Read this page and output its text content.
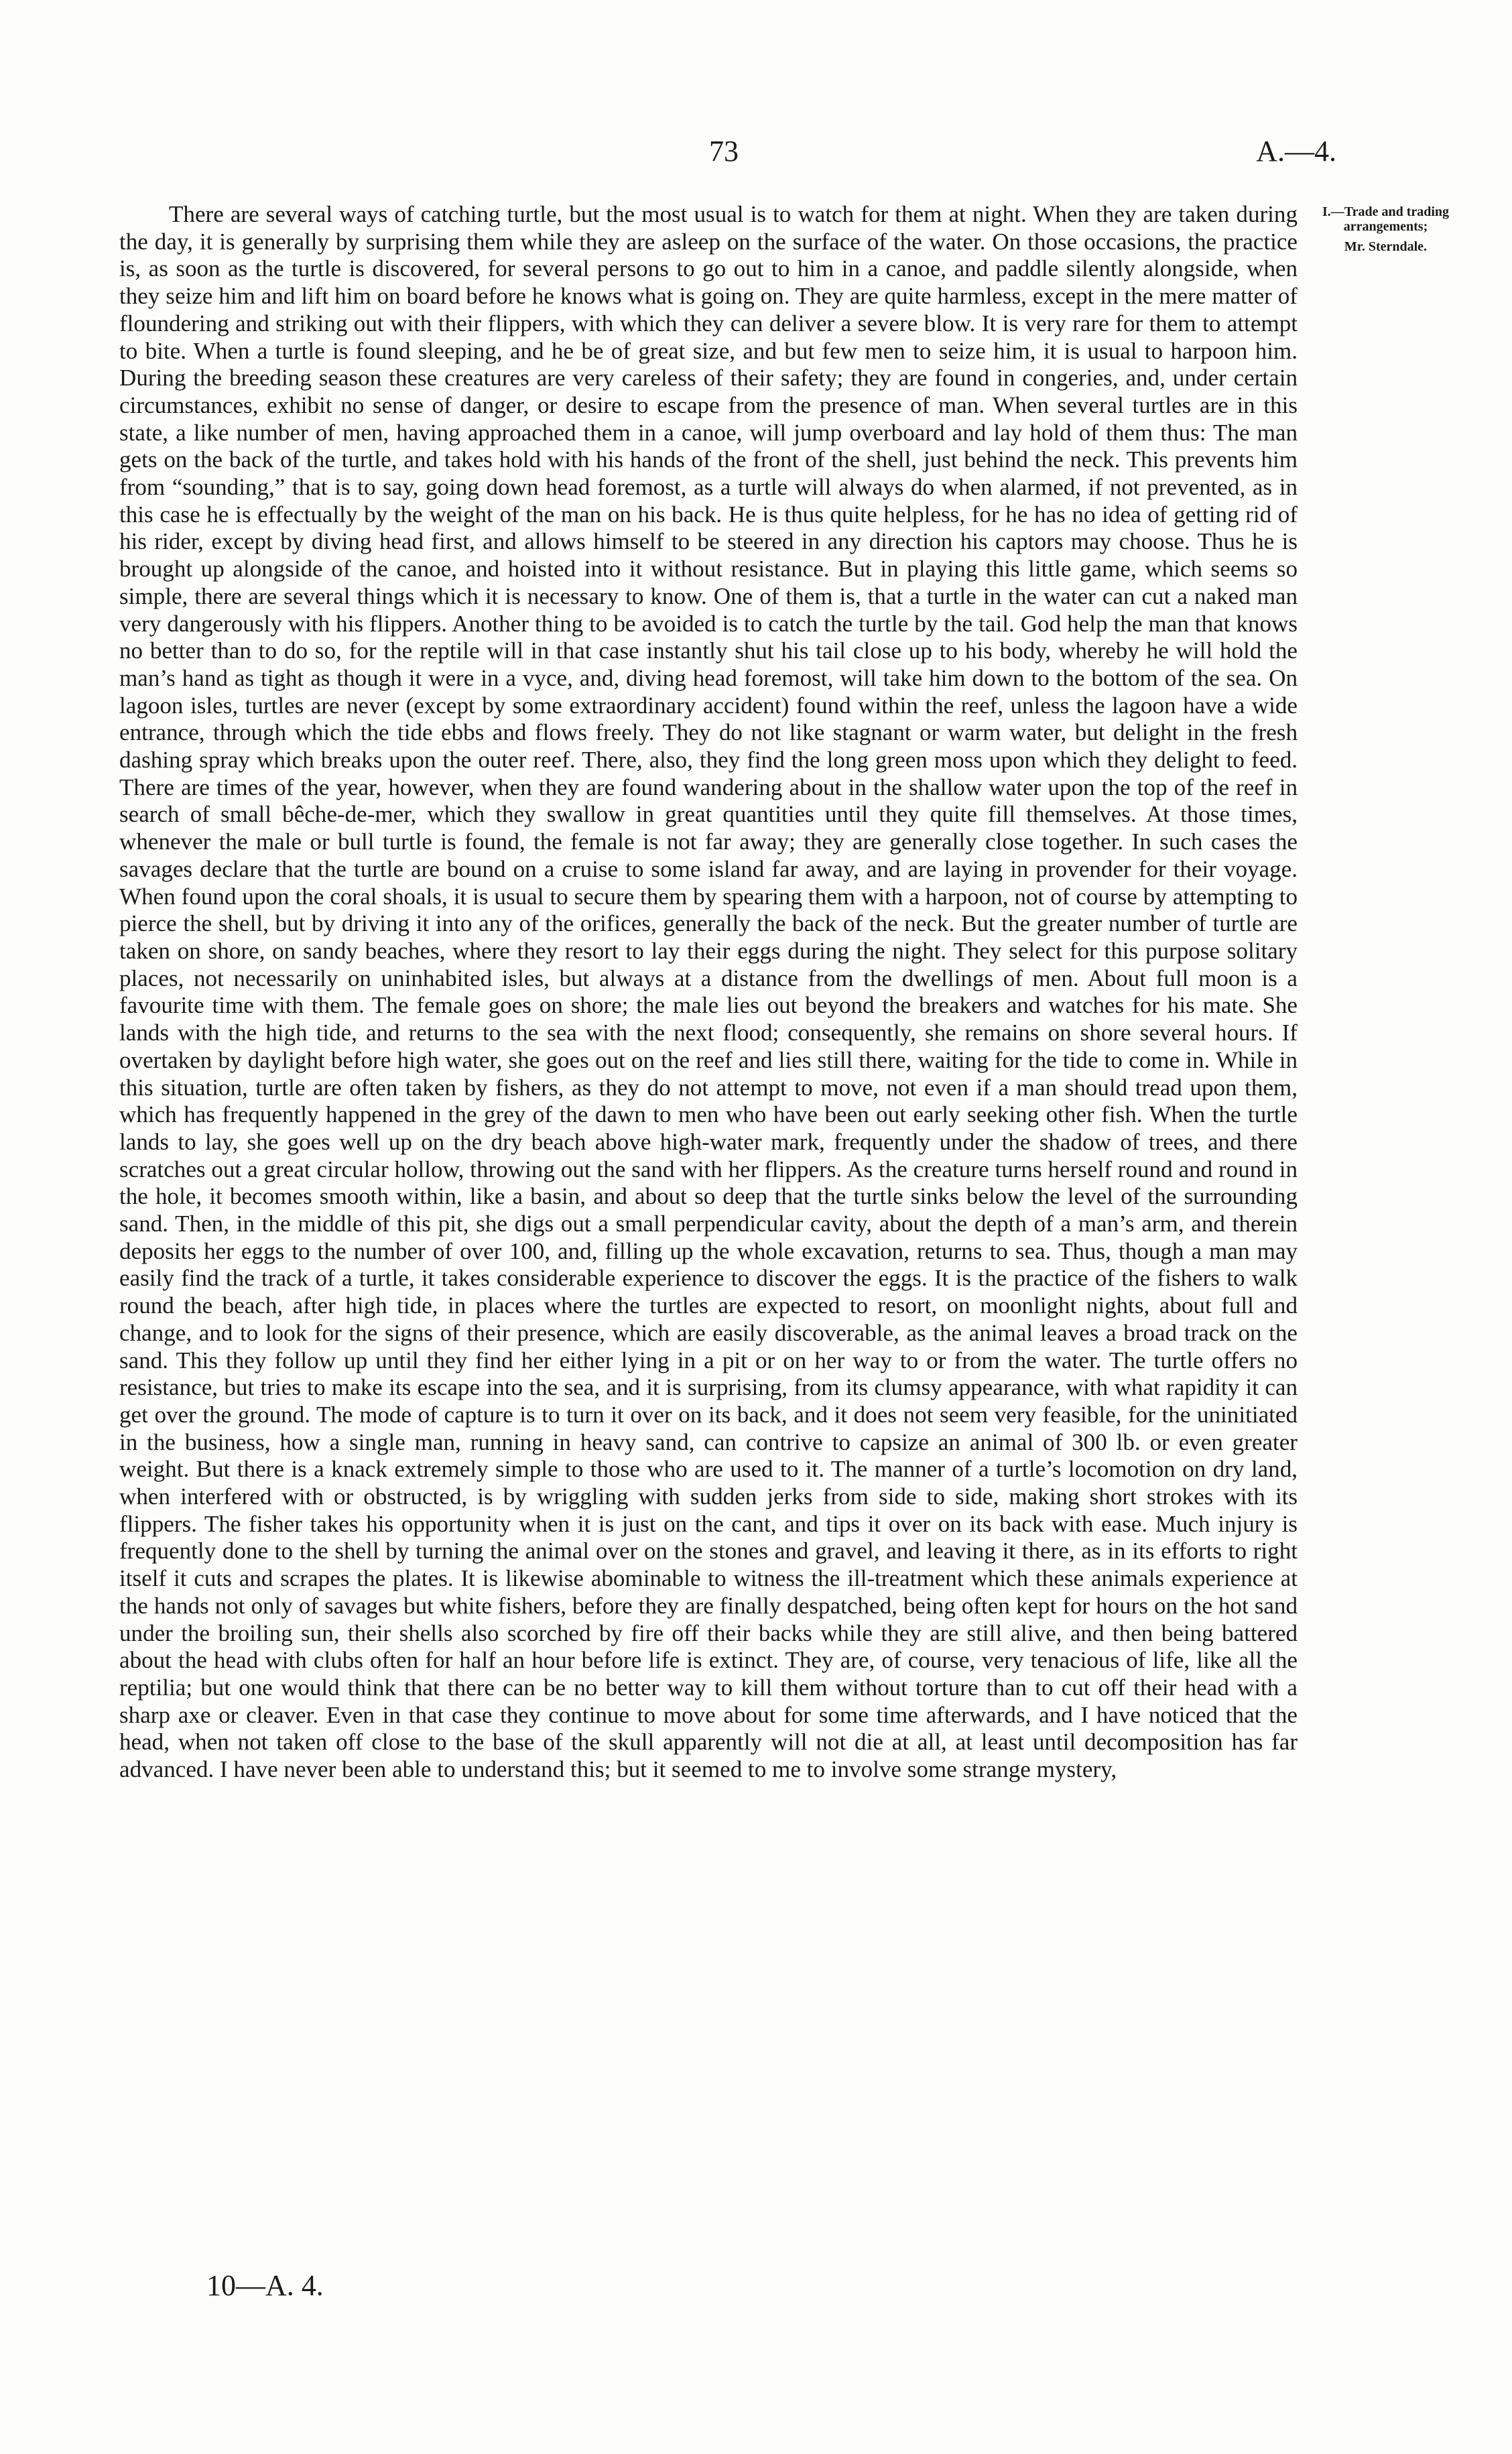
73	A.—4.
I.—Trade and trading arrangements;
Mr. Sterndale.

There are several ways of catching turtle, but the most usual is to watch for them at night. When they are taken during the day, it is generally by surprising them while they are asleep on the surface of the water. On those occasions, the practice is, as soon as the turtle is discovered, for several persons to go out to him in a canoe, and paddle silently alongside, when they seize him and lift him on board before he knows what is going on. They are quite harmless, except in the mere matter of floundering and striking out with their flippers, with which they can deliver a severe blow. It is very rare for them to attempt to bite. When a turtle is found sleeping, and he be of great size, and but few men to seize him, it is usual to harpoon him. During the breeding season these creatures are very careless of their safety; they are found in congeries, and, under certain circumstances, exhibit no sense of danger, or desire to escape from the presence of man. When several turtles are in this state, a like number of men, having approached them in a canoe, will jump overboard and lay hold of them thus: The man gets on the back of the turtle, and takes hold with his hands of the front of the shell, just behind the neck. This prevents him from “sounding,” that is to say, going down head foremost, as a turtle will always do when alarmed, if not prevented, as in this case he is effectually by the weight of the man on his back. He is thus quite helpless, for he has no idea of getting rid of his rider, except by diving head first, and allows himself to be steered in any direction his captors may choose. Thus he is brought up alongside of the canoe, and hoisted into it without resistance. But in playing this little game, which seems so simple, there are several things which it is necessary to know. One of them is, that a turtle in the water can cut a naked man very dangerously with his flippers. Another thing to be avoided is to catch the turtle by the tail. God help the man that knows no better than to do so, for the reptile will in that case instantly shut his tail close up to his body, whereby he will hold the man’s hand as tight as though it were in a vyce, and, diving head foremost, will take him down to the bottom of the sea. On lagoon isles, turtles are never (except by some extraordinary accident) found within the reef, unless the lagoon have a wide entrance, through which the tide ebbs and flows freely. They do not like stagnant or warm water, but delight in the fresh dashing spray which breaks upon the outer reef. There, also, they find the long green moss upon which they delight to feed. There are times of the year, however, when they are found wandering about in the shallow water upon the top of the reef in search of small bêche-de-mer, which they swallow in great quantities until they quite fill themselves. At those times, whenever the male or bull turtle is found, the female is not far away; they are generally close together. In such cases the savages declare that the turtle are bound on a cruise to some island far away, and are laying in provender for their voyage. When found upon the coral shoals, it is usual to secure them by spearing them with a harpoon, not of course by attempting to pierce the shell, but by driving it into any of the orifices, generally the back of the neck. But the greater number of turtle are taken on shore, on sandy beaches, where they resort to lay their eggs during the night. They select for this purpose solitary places, not necessarily on uninhabited isles, but always at a distance from the dwellings of men. About full moon is a favourite time with them. The female goes on shore; the male lies out beyond the breakers and watches for his mate. She lands with the high tide, and returns to the sea with the next flood; consequently, she remains on shore several hours. If overtaken by daylight before high water, she goes out on the reef and lies still there, waiting for the tide to come in. While in this situation, turtle are often taken by fishers, as they do not attempt to move, not even if a man should tread upon them, which has frequently happened in the grey of the dawn to men who have been out early seeking other fish. When the turtle lands to lay, she goes well up on the dry beach above high-water mark, frequently under the shadow of trees, and there scratches out a great circular hollow, throwing out the sand with her flippers. As the creature turns herself round and round in the hole, it becomes smooth within, like a basin, and about so deep that the turtle sinks below the level of the surrounding sand. Then, in the middle of this pit, she digs out a small perpendicular cavity, about the depth of a man’s arm, and therein deposits her eggs to the number of over 100, and, filling up the whole excavation, returns to sea. Thus, though a man may easily find the track of a turtle, it takes considerable experience to discover the eggs. It is the practice of the fishers to walk round the beach, after high tide, in places where the turtles are expected to resort, on moonlight nights, about full and change, and to look for the signs of their presence, which are easily discoverable, as the animal leaves a broad track on the sand. This they follow up until they find her either lying in a pit or on her way to or from the water. The turtle offers no resistance, but tries to make its escape into the sea, and it is surprising, from its clumsy appearance, with what rapidity it can get over the ground. The mode of capture is to turn it over on its back, and it does not seem very feasible, for the uninitiated in the business, how a single man, running in heavy sand, can contrive to capsize an animal of 300 lb. or even greater weight. But there is a knack extremely simple to those who are used to it. The manner of a turtle’s locomotion on dry land, when interfered with or obstructed, is by wriggling with sudden jerks from side to side, making short strokes with its flippers. The fisher takes his opportunity when it is just on the cant, and tips it over on its back with ease. Much injury is frequently done to the shell by turning the animal over on the stones and gravel, and leaving it there, as in its efforts to right itself it cuts and scrapes the plates. It is likewise abominable to witness the ill-treatment which these animals experience at the hands not only of savages but white fishers, before they are finally despatched, being often kept for hours on the hot sand under the broiling sun, their shells also scorched by fire off their backs while they are still alive, and then being battered about the head with clubs often for half an hour before life is extinct. They are, of course, very tenacious of life, like all the reptilia; but one would think that there can be no better way to kill them without torture than to cut off their head with a sharp axe or cleaver. Even in that case they continue to move about for some time afterwards, and I have noticed that the head, when not taken off close to the base of the skull apparently will not die at all, at least until decomposition has far advanced. I have never been able to understand this; but it seemed to me to involve some strange mystery,

10—A. 4.
